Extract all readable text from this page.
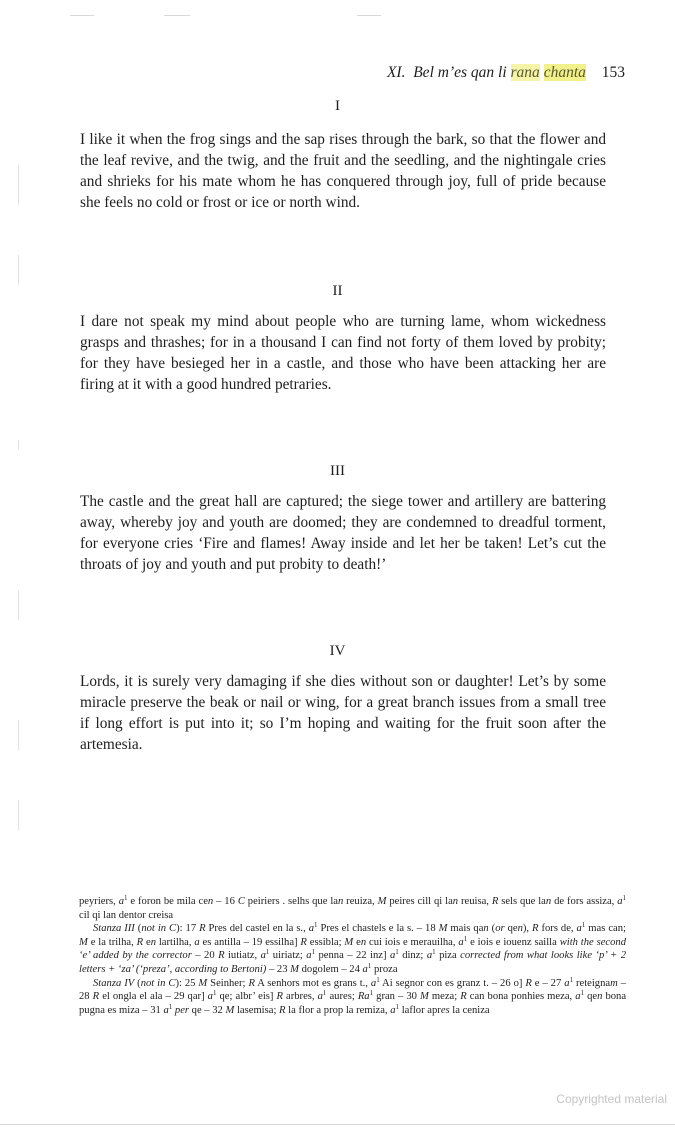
XI. Bel m’es qan li rana chanta 153
I
I like it when the frog sings and the sap rises through the bark, so that the flower and the leaf revive, and the twig, and the fruit and the seedling, and the nightingale cries and shrieks for his mate whom he has conquered through joy, full of pride because she feels no cold or frost or ice or north wind.
II
I dare not speak my mind about people who are turning lame, whom wickedness grasps and thrashes; for in a thousand I can find not forty of them loved by probity; for they have besieged her in a castle, and those who have been attacking her are firing at it with a good hundred petraries.
III
The castle and the great hall are captured; the siege tower and artillery are battering away, whereby joy and youth are doomed; they are condemned to dreadful torment, for everyone cries ‘Fire and flames! Away inside and let her be taken! Let’s cut the throats of joy and youth and put probity to death!’
IV
Lords, it is surely very damaging if she dies without son or daughter! Let’s by some miracle preserve the beak or nail or wing, for a great branch issues from a small tree if long effort is put into it; so I’m hoping and waiting for the fruit soon after the artemesia.

peyriers, $a^1$ e foron be mila cen – 16 C peiriers . selhs que lan reuiza, M peires cill qi lan reuisa, R sels que lan de fors assiza, $a^1$ cil qi lan dentor creisa

Stanza III (not in C): 17 R Pres del castel en la s., $a^1$ Pres el chastels e la s. – 18 M mais qan (or qen), R fors de, $a^1$ mas can; M e la trilha, R en lartilha, a es antilla – 19 essilha] R essibla; M en cui iois e merauilha, $a^1$ e iois e iouenz sailla with the second ‘e’ added by the corrector – 20 R iutiatz, $a^1$ uiriatz; $a^1$ penna – 22 inz] $a^1$ dinz; $a^1$ piza corrected from what looks like ‘p’ + 2 letters + ‘za’ (‘preza’, according to Bertoni) – 23 M dogolem – 24 $a^1$ proza

Stanza IV (not in C): 25 M Seinher; R A senhors mot es grans t., $a^1$ Ai segnor con es granz t. – 26 o] R e – 27 $a^1$ reteignam – 28 R el ongla el ala – 29 qar] $a^1$ qe; albr’ eis] R arbres, $a^1$ aures; Ra$^1$ gran – 30 M meza; R can bona ponhies meza, $a^1$ qen bona pugna es miza – 31 $a^1$ per qe – 32 M lasemisa; R la flor a prop la remiza, $a^1$ laflor apres la ceniza

Copyrighted material
